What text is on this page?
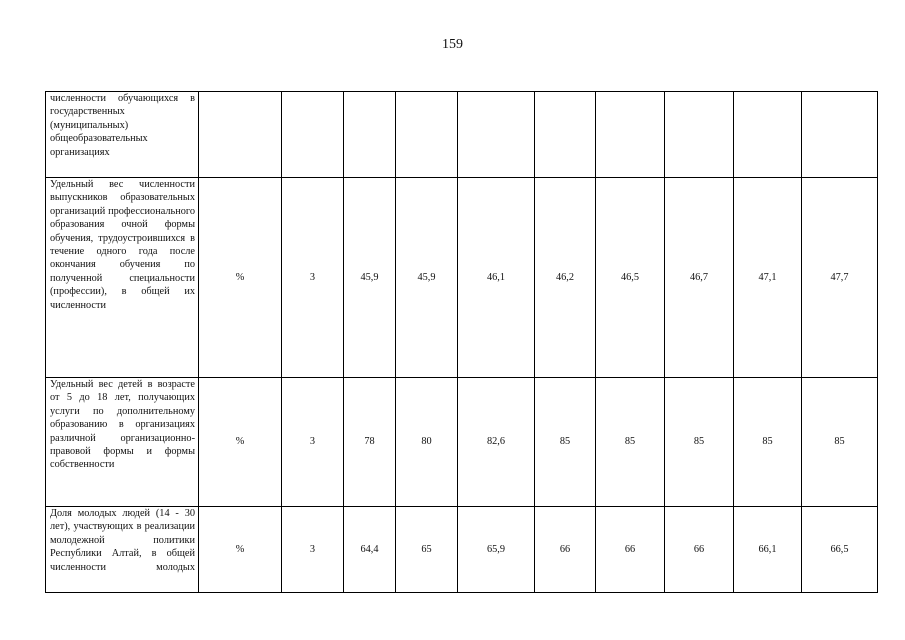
159
численности обучающихся в государственных (муниципальных) общеобразовательных организациях										

Удельный вес численности выпускников образовательных организаций профессионального образования очной формы обучения, трудоустроившихся в течение одного года после окончания обучения по полученной специальности (профессии), в общей их численности	%	3	45,9	45,9	46,1	46,2	46,5	46,7	47,1	47,7

Удельный вес детей в возрасте от 5 до 18 лет, получающих услуги по дополнительному образованию в организациях различной организационно-правовой формы и формы собственности	%	3	78	80	82,6	85	85	85	85	85

Доля молодых людей (14 - 30 лет), участвующих в реализации молодежной политики Республики Алтай, в общей численности молодых	%	3	64,4	65	65,9	66	66	66	66,1	66,5
